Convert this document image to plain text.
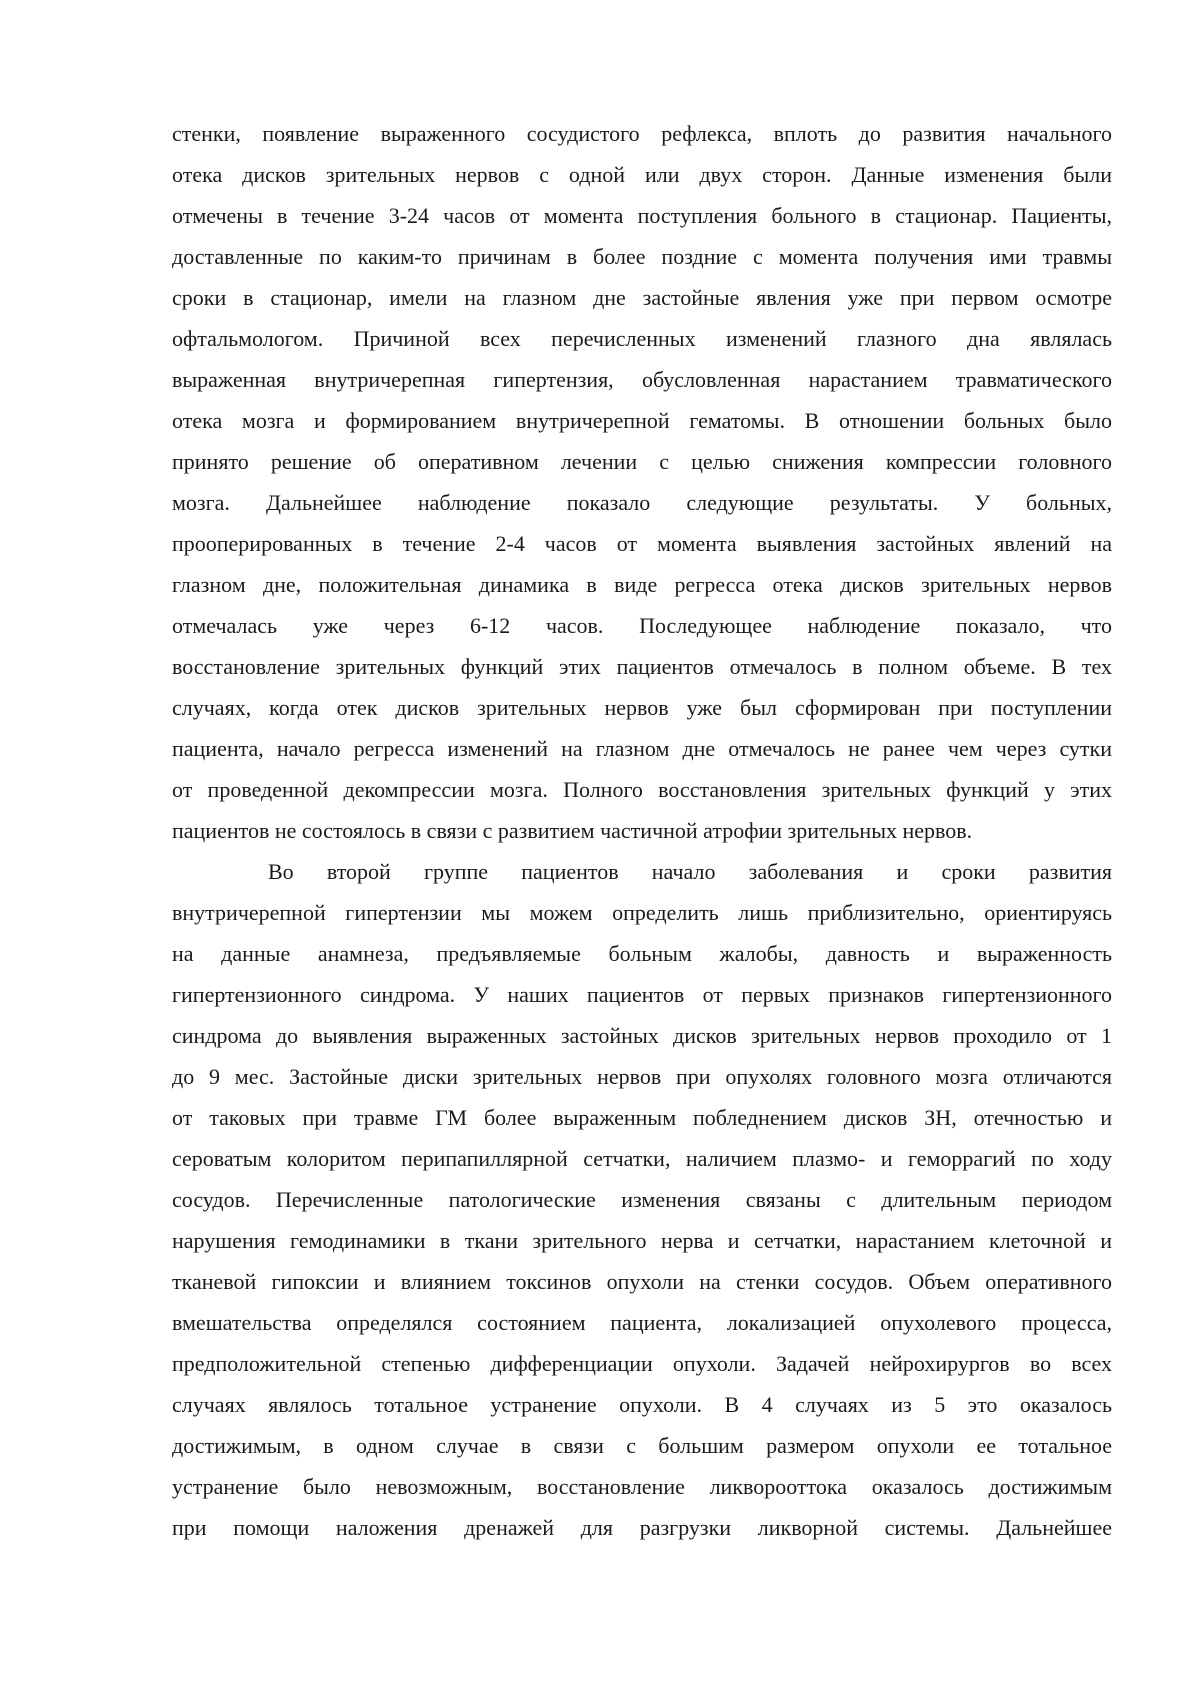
стенки, появление выраженного сосудистого рефлекса, вплоть до развития начального
отека дисков зрительных нервов с одной или двух сторон. Данные изменения были
отмечены в течение 3-24 часов от момента поступления больного в стационар. Пациенты,
доставленные по каким-то причинам в более поздние с момента получения ими травмы
сроки в стационар, имели на глазном дне застойные явления уже при первом осмотре
офтальмологом. Причиной всех перечисленных изменений глазного дна являлась
выраженная внутричерепная гипертензия, обусловленная нарастанием травматического
отека мозга и формированием внутричерепной гематомы. В отношении больных было
принято решение об оперативном лечении с целью снижения компрессии головного
мозга. Дальнейшее наблюдение показало следующие результаты. У больных,
прооперированных в течение 2-4 часов от момента выявления застойных явлений на
глазном дне, положительная динамика в виде регресса отека дисков зрительных нервов
отмечалась уже через 6-12 часов. Последующее наблюдение показало, что
восстановление зрительных функций этих пациентов отмечалось в полном объеме. В тех
случаях, когда отек дисков зрительных нервов уже был сформирован при поступлении
пациента, начало регресса изменений на глазном дне отмечалось не ранее чем через сутки
от проведенной декомпрессии мозга. Полного восстановления зрительных функций у этих
пациентов не состоялось в связи с развитием частичной атрофии зрительных нервов.
Во второй группе пациентов начало заболевания и сроки развития
внутричерепной гипертензии мы можем определить лишь приблизительно, ориентируясь
на данные анамнеза, предъявляемые больным жалобы, давность и выраженность
гипертензионного синдрома. У наших пациентов от первых признаков гипертензионного
синдрома до выявления выраженных застойных дисков зрительных нервов проходило от 1
до 9 мес. Застойные диски зрительных нервов при опухолях головного мозга отличаются
от таковых при травме ГМ более выраженным побледнением дисков ЗН, отечностью и
сероватым колоритом перипапиллярной сетчатки, наличием плазмо- и геморрагий по ходу
сосудов. Перечисленные патологические изменения связаны с длительным периодом
нарушения гемодинамики в ткани зрительного нерва и сетчатки, нарастанием клеточной и
тканевой гипоксии и влиянием токсинов опухоли на стенки сосудов. Объем оперативного
вмешательства определялся состоянием пациента, локализацией опухолевого процесса,
предположительной степенью дифференциации опухоли. Задачей нейрохирургов во всех
случаях являлось тотальное устранение опухоли. В 4 случаях из 5 это оказалось
достижимым, в одном случае в связи с большим размером опухоли ее тотальное
устранение было невозможным, восстановление ликворооттока оказалось достижимым
при помощи наложения дренажей для разгрузки ликворной системы. Дальнейшее
